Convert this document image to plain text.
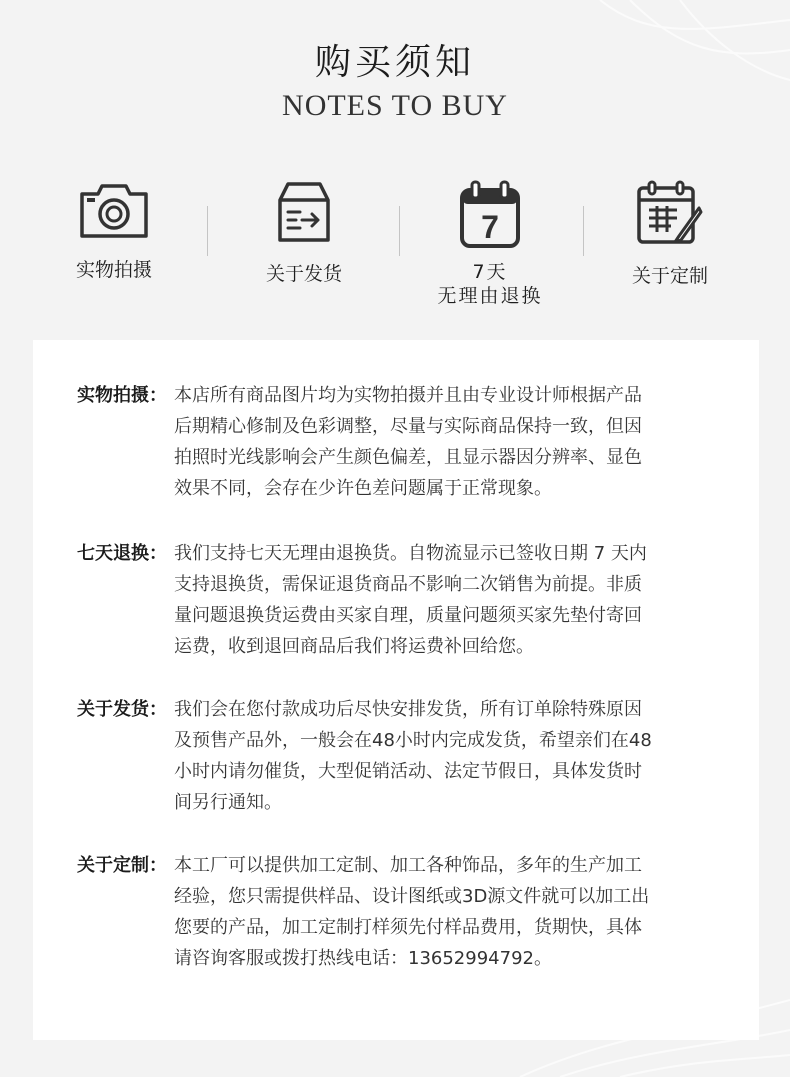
购买须知
NOTES TO BUY
实物拍摄	关于发货
7
7天
无理由退换
关于定制
实物拍摄： 本店所有商品图片均为实物拍摄并且由专业设计师根据产品
后期精心修制及色彩调整，尽量与实际商品保持一致，但因
拍照时光线影响会产生颜色偏差，且显示器因分辨率、显色
效果不同，会存在少许色差问题属于正常现象。
七天退换： 我们支持七天无理由退换货。自物流显示已签收日期 7 天内
支持退换货，需保证退货商品不影响二次销售为前提。非质
量问题退换货运费由买家自理，质量问题须买家先垫付寄回
运费，收到退回商品后我们将运费补回给您。
关于发货： 我们会在您付款成功后尽快安排发货，所有订单除特殊原因
及预售产品外，一般会在48小时内完成发货，希望亲们在48
小时内请勿催货，大型促销活动、法定节假日，具体发货时
间另行通知。
关于定制： 本工厂可以提供加工定制、加工各种饰品，多年的生产加工
经验，您只需提供样品、设计图纸或3D源文件就可以加工出
您要的产品，加工定制打样须先付样品费用，货期快，具体
请咨询客服或拨打热线电话：13652994792。
